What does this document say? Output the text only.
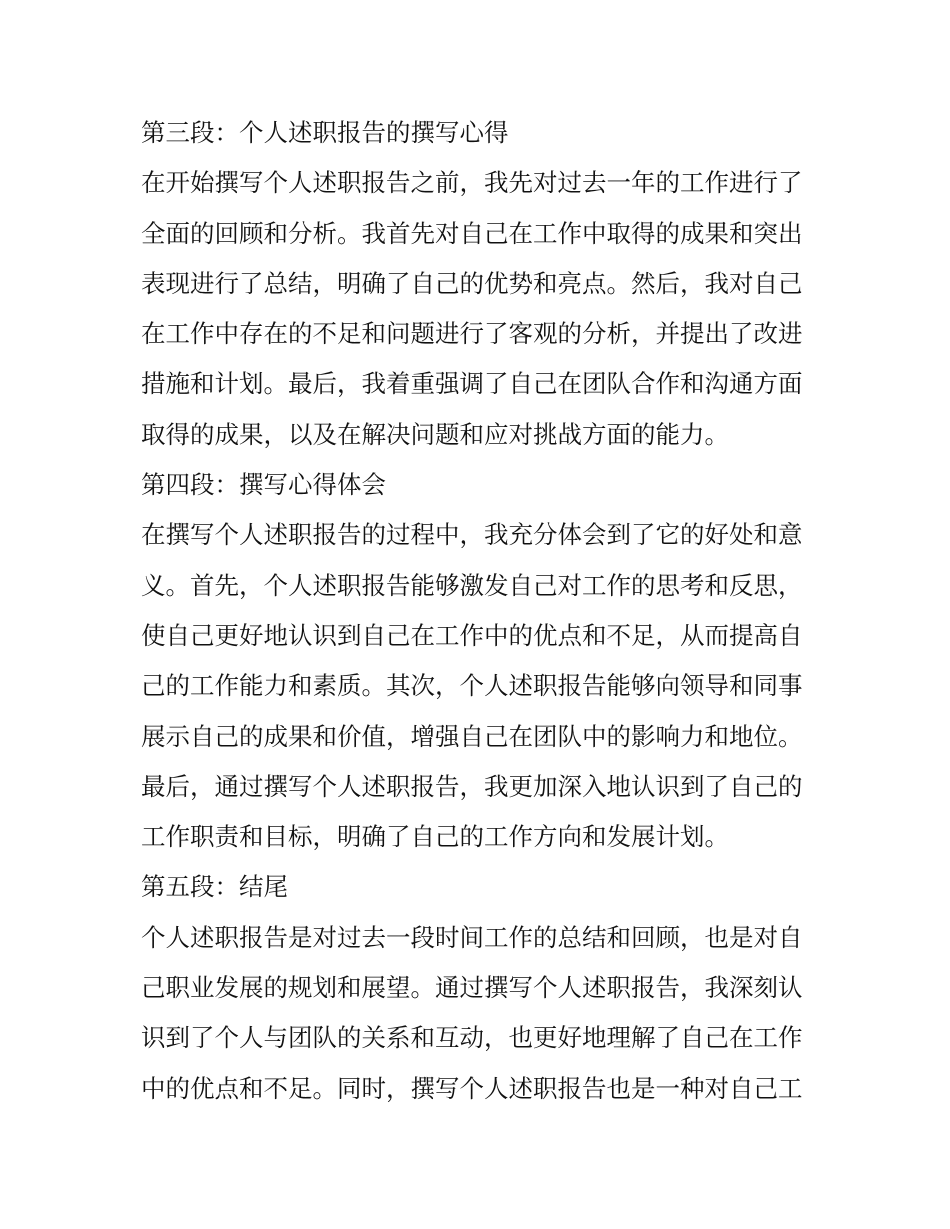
第三段：个人述职报告的撰写心得
在开始撰写个人述职报告之前，我先对过去一年的工作进行了
全面的回顾和分析。我首先对自己在工作中取得的成果和突出
表现进行了总结，明确了自己的优势和亮点。然后，我对自己
在工作中存在的不足和问题进行了客观的分析，并提出了改进
措施和计划。最后，我着重强调了自己在团队合作和沟通方面
取得的成果，以及在解决问题和应对挑战方面的能力。
第四段：撰写心得体会
在撰写个人述职报告的过程中，我充分体会到了它的好处和意
义。首先，个人述职报告能够激发自己对工作的思考和反思，
使自己更好地认识到自己在工作中的优点和不足，从而提高自
己的工作能力和素质。其次，个人述职报告能够向领导和同事
展示自己的成果和价值，增强自己在团队中的影响力和地位。
最后，通过撰写个人述职报告，我更加深入地认识到了自己的
工作职责和目标，明确了自己的工作方向和发展计划。
第五段：结尾
个人述职报告是对过去一段时间工作的总结和回顾，也是对自
己职业发展的规划和展望。通过撰写个人述职报告，我深刻认
识到了个人与团队的关系和互动，也更好地理解了自己在工作
中的优点和不足。同时，撰写个人述职报告也是一种对自己工
